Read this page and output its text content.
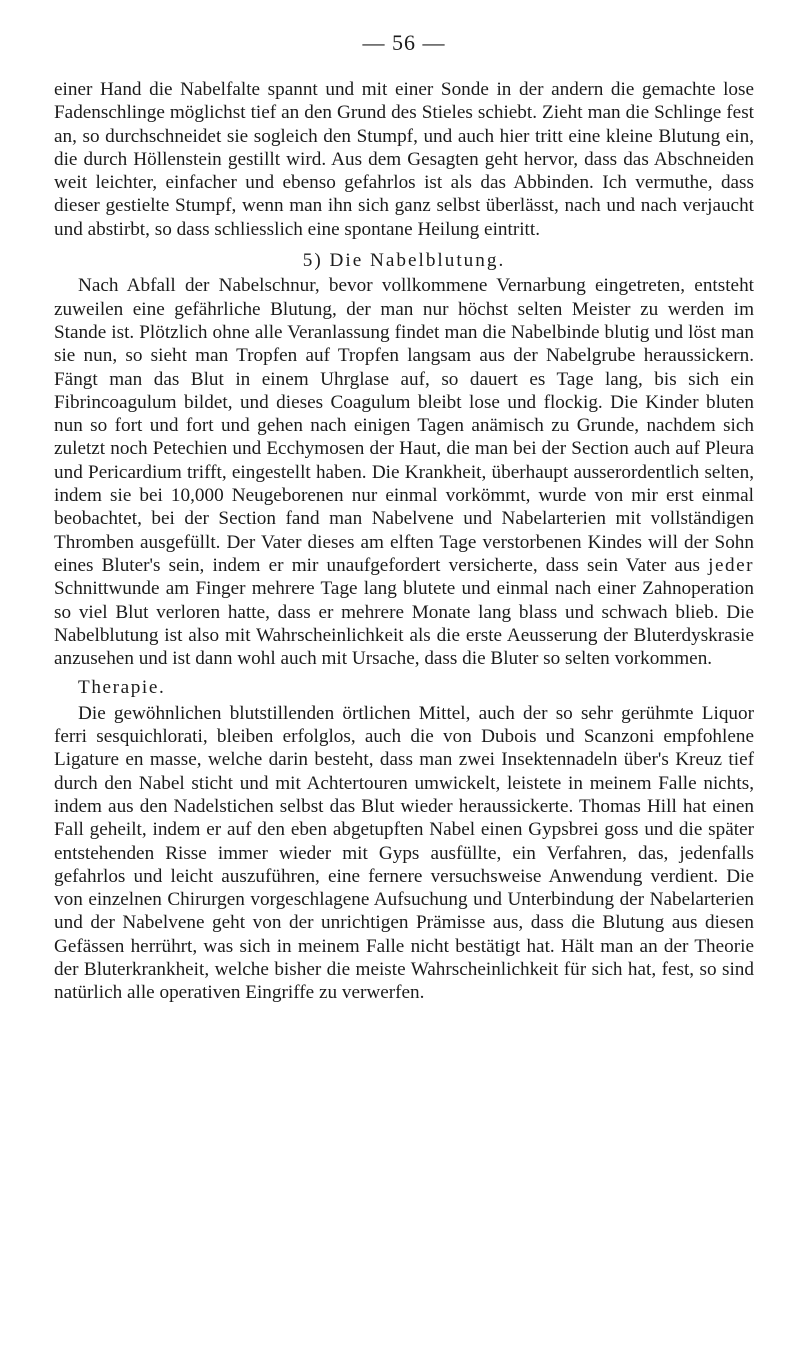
— 56 —

einer Hand die Nabelfalte spannt und mit einer Sonde in der andern die gemachte lose Fadenschlinge möglichst tief an den Grund des Stieles schiebt. Zieht man die Schlinge fest an, so durchschneidet sie sogleich den Stumpf, und auch hier tritt eine kleine Blutung ein, die durch Höllenstein gestillt wird. Aus dem Gesagten geht hervor, dass das Abschneiden weit leichter, einfacher und ebenso gefahrlos ist als das Abbinden. Ich vermuthe, dass dieser gestielte Stumpf, wenn man ihn sich ganz selbst überlässt, nach und nach verjaucht und abstirbt, so dass schliesslich eine spontane Heilung eintritt.

5) Die Nabelblutung.

Nach Abfall der Nabelschnur, bevor vollkommene Vernarbung eingetreten, entsteht zuweilen eine gefährliche Blutung, der man nur höchst selten Meister zu werden im Stande ist. Plötzlich ohne alle Veranlassung findet man die Nabelbinde blutig und löst man sie nun, so sieht man Tropfen auf Tropfen langsam aus der Nabelgrube heraussickern. Fängt man das Blut in einem Uhrglase auf, so dauert es Tage lang, bis sich ein Fibrincoagulum bildet, und dieses Coagulum bleibt lose und flockig. Die Kinder bluten nun so fort und fort und gehen nach einigen Tagen anämisch zu Grunde, nachdem sich zuletzt noch Petechien und Ecchymosen der Haut, die man bei der Section auch auf Pleura und Pericardium trifft, eingestellt haben. Die Krankheit, überhaupt ausserordentlich selten, indem sie bei 10,000 Neugeborenen nur einmal vorkömmt, wurde von mir erst einmal beobachtet, bei der Section fand man Nabelvene und Nabelarterien mit vollständigen Thromben ausgefüllt. Der Vater dieses am elften Tage verstorbenen Kindes will der Sohn eines Bluter's sein, indem er mir unaufgefordert versicherte, dass sein Vater aus jeder Schnittwunde am Finger mehrere Tage lang blutete und einmal nach einer Zahnoperation so viel Blut verloren hatte, dass er mehrere Monate lang blass und schwach blieb. Die Nabelblutung ist also mit Wahrscheinlichkeit als die erste Aeusserung der Bluterdyskrasie anzusehen und ist dann wohl auch mit Ursache, dass die Bluter so selten vorkommen.

Therapie.

Die gewöhnlichen blutstillenden örtlichen Mittel, auch der so sehr gerühmte Liquor ferri sesquichlorati, bleiben erfolglos, auch die von Dubois und Scanzoni empfohlene Ligature en masse, welche darin besteht, dass man zwei Insektennadeln über's Kreuz tief durch den Nabel sticht und mit Achtertouren umwickelt, leistete in meinem Falle nichts, indem aus den Nadelstichen selbst das Blut wieder heraussickerte. Thomas Hill hat einen Fall geheilt, indem er auf den eben abgetupften Nabel einen Gypsbrei goss und die später entstehenden Risse immer wieder mit Gyps ausfüllte, ein Verfahren, das, jedenfalls gefahrlos und leicht auszuführen, eine fernere versuchsweise Anwendung verdient. Die von einzelnen Chirurgen vorgeschlagene Aufsuchung und Unterbindung der Nabelarterien und der Nabelvene geht von der unrichtigen Prämisse aus, dass die Blutung aus diesen Gefässen herrührt, was sich in meinem Falle nicht bestätigt hat. Hält man an der Theorie der Bluterkrankheit, welche bisher die meiste Wahrscheinlichkeit für sich hat, fest, so sind natürlich alle operativen Eingriffe zu verwerfen.
